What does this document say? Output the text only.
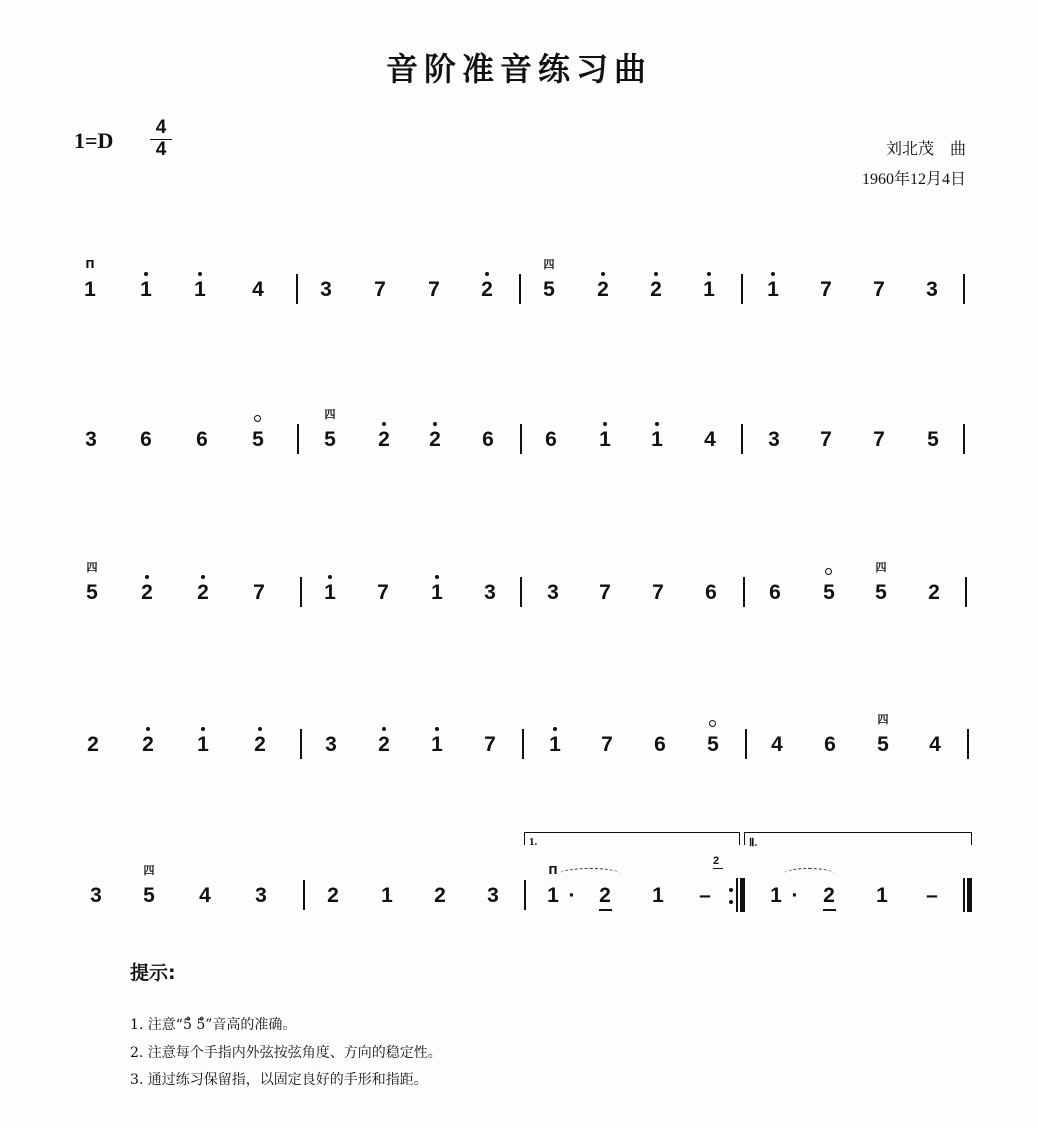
音阶准音练习曲
$1=D \frac{4}{4}$	刘北茂　曲
1960年12月4日
1
П
1	1	4	3	7	7	2	5
四
2	2	1	1	7	7	3
3	6	6	5	5
四
2	2	6	6	1	1	4	3	7	7	5
5
四
2	2	7	1	7	1	3	3	7	7	6	6	5	5
四
2
2	2	1	2	3	2	1	7	1	7	6	5	4	6	5
四
4
3	5
四
4	3	2	1	2	3	1
П
·	2	1	–	1 ·	2	1	–
1.	Ⅱ.
2
提示:
1. 注意“5̊ 5̊”音高的准确。
2. 注意每个手指内外弦按弦角度、方向的稳定性。
3. 通过练习保留指，以固定良好的手形和指距。
